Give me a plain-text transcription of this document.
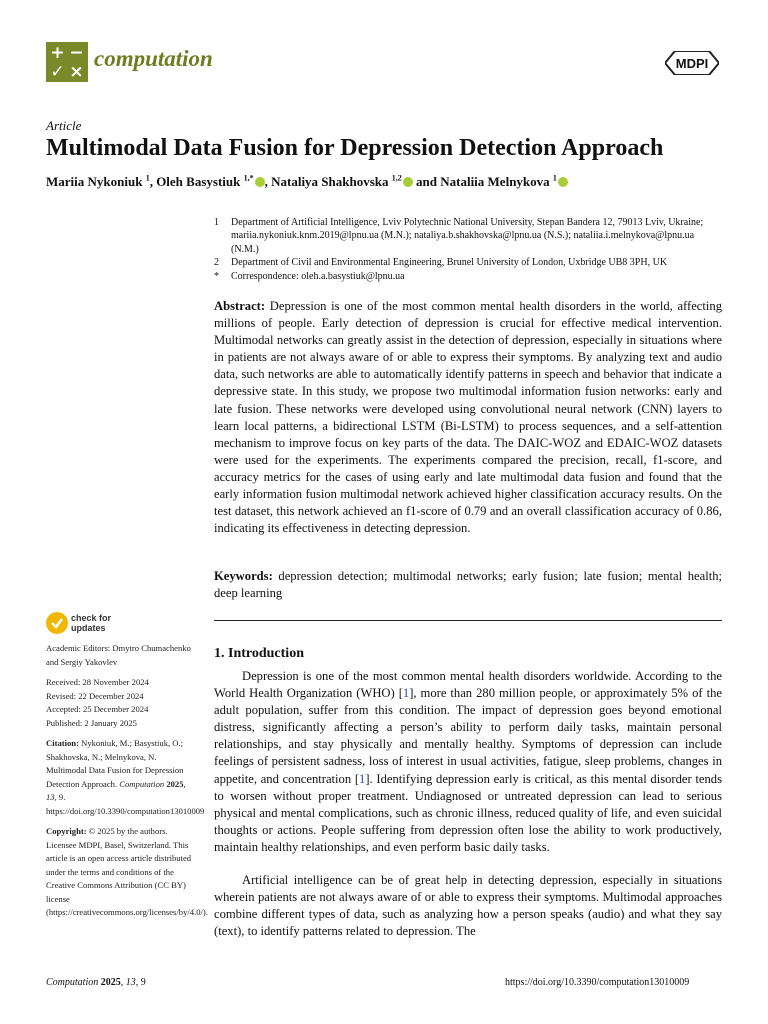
+ −
✓ ×
computation	MDPI
Article
Multimodal Data Fusion for Depression Detection Approach
Mariia Nykoniuk $^1$, Oleh Basystiuk $^{1,*}$ , Nataliya Shakhovska $^{1,2}$ and Nataliia Melnykova $^1$
1	Department of Artificial Intelligence, Lviv Polytechnic National University, Stepan Bandera 12, 79013 Lviv, Ukraine; mariia.nykoniuk.knm.2019@lpnu.ua (M.N.); nataliya.b.shakhovska@lpnu.ua (N.S.); nataliia.i.melnykova@lpnu.ua (N.M.)
2	Department of Civil and Environmental Engineering, Brunel University of London, Uxbridge UB8 3PH, UK
*	Correspondence: oleh.a.basystiuk@lpnu.ua
Abstract: Depression is one of the most common mental health disorders in the world, affecting millions of people. Early detection of depression is crucial for effective medical intervention. Multimodal networks can greatly assist in the detection of depression, especially in situations where in patients are not always aware of or able to express their symptoms. By analyzing text and audio data, such networks are able to automatically identify patterns in speech and behavior that indicate a depressive state. In this study, we propose two multimodal information fusion networks: early and late fusion. These networks were developed using convolutional neural network (CNN) layers to learn local patterns, a bidirectional LSTM (Bi-LSTM) to process sequences, and a self-attention mechanism to improve focus on key parts of the data. The DAIC-WOZ and EDAIC-WOZ datasets were used for the experiments. The experiments compared the precision, recall, f1-score, and accuracy metrics for the cases of using early and late multimodal data fusion and found that the early information fusion multimodal network achieved higher classification accuracy results. On the test dataset, this network achieved an f1-score of 0.79 and an overall classification accuracy of 0.86, indicating its effectiveness in detecting depression.
Keywords: depression detection; multimodal networks; early fusion; late fusion; mental health; deep learning
1. Introduction
Depression is one of the most common mental health disorders worldwide. According to the World Health Organization (WHO) [1], more than 280 million people, or approximately 5% of the adult population, suffer from this condition. The impact of depression goes beyond emotional distress, significantly affecting a person’s ability to perform daily tasks, maintain personal relationships, and stay physically and mentally healthy. Symptoms of depression can include feelings of persistent sadness, loss of interest in usual activities, fatigue, sleep problems, changes in appetite, and concentration [1]. Identifying depression early is critical, as this mental disorder tends to worsen without proper treatment. Undiagnosed or untreated depression can lead to serious physical and mental complications, such as chronic illness, reduced quality of life, and even suicidal thoughts or actions. People suffering from depression often lose the ability to work productively, maintain healthy relationships, and even perform basic daily tasks.
Artificial intelligence can be of great help in detecting depression, especially in situations wherein patients are not always aware of or able to express their symptoms. Multimodal approaches combine different types of data, such as analyzing how a person speaks (audio) and what they say (text), to identify patterns related to depression. The
check for
updates
Academic Editors: Dmytro Chumachenko and Sergiy Yakovlev
Received: 28 November 2024
Revised: 22 December 2024
Accepted: 25 December 2024
Published: 2 January 2025
Citation: Nykoniuk, M.; Basystiuk, O.; Shakhovska, N.; Melnykova, N. Multimodal Data Fusion for Depression Detection Approach. Computation 2025, 13, 9. https://doi.org/10.3390/computation13010009
Copyright: © 2025 by the authors. Licensee MDPI, Basel, Switzerland. This article is an open access article distributed under the terms and conditions of the Creative Commons Attribution (CC BY) license (https://creativecommons.org/licenses/by/4.0/).
Computation 2025, 13, 9	https://doi.org/10.3390/computation13010009
